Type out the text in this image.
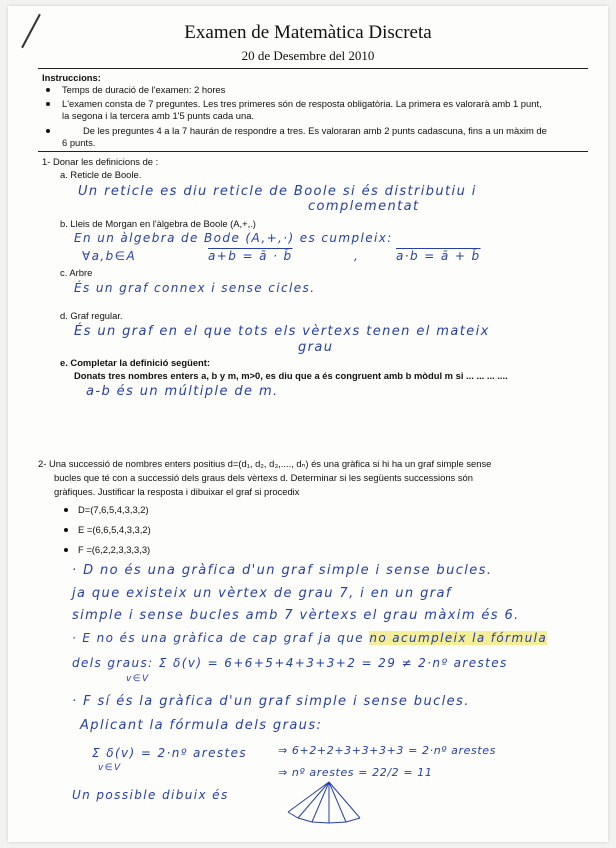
Examen de Matemàtica Discreta
20 de Desembre del 2010
Instruccions:
Temps de duració de l'examen: 2 hores
L'examen consta de 7 preguntes. Les tres primeres són de resposta obligatòria. La primera es valorarà amb 1 punt,
la segona i la tercera amb 1'5 punts cada una.
De les preguntes 4 a la 7 haurán de respondre a tres. Es valoraran amb 2 punts cadascuna, fins a un màxim de
6 punts.
1- Donar les definicions de :
a. Reticle de Boole.
Un reticle es diu reticle de Boole si és distributiu i
complementat
b. Lleis de Morgan en l'àlgebra de Boole (A,+,.)
En un àlgebra de Bode (A,+,·) es cumpleix:
∀a,b∈A	a+b = ā · b̄	,	a·b = ā + b̄
c. Arbre
És un graf connex i sense cicles.
d. Graf regular.
És un graf en el que tots els vèrtexs tenen el mateix
grau
e. Completar la definició següent:
Donats tres nombres enters a, b y m, m>0, es diu que a és congruent amb b mòdul m si ... ... ... ....
a-b és un múltiple de m.
2- Una successió de nombres enters positius d=(d₁, d₂, d₃,...., dₙ) és una gràfica si hi ha un graf simple sense
bucles que té con a successió dels graus dels vèrtexs d. Determinar si les següents successions són
gràfiques. Justificar la resposta i dibuixar el graf si procedix
D=(7,6,5,4,3,3,2)
E =(6,6,5,4,3,3,2)
F =(6,2,2,3,3,3,3)
· D no és una gràfica d'un graf simple i sense bucles.
ja que existeix un vèrtex de grau 7, i en un graf
simple i sense bucles amb 7 vèrtexs el grau màxim és 6.
· E no és una gràfica de cap graf ja que no acumpleix la fórmula
dels graus: Σ δ(v) = 6+6+5+4+3+3+2 = 29 ≠ 2·nº arestes
v∈V
· F sí és la gràfica d'un graf simple i sense bucles.
Aplicant la fórmula dels graus:
Σ δ(v) = 2·nº arestes
v∈V
⇒ 6+2+2+3+3+3+3 = 2·nº arestes
⇒ nº arestes = 22/2 = 11
Un possible dibuix és
